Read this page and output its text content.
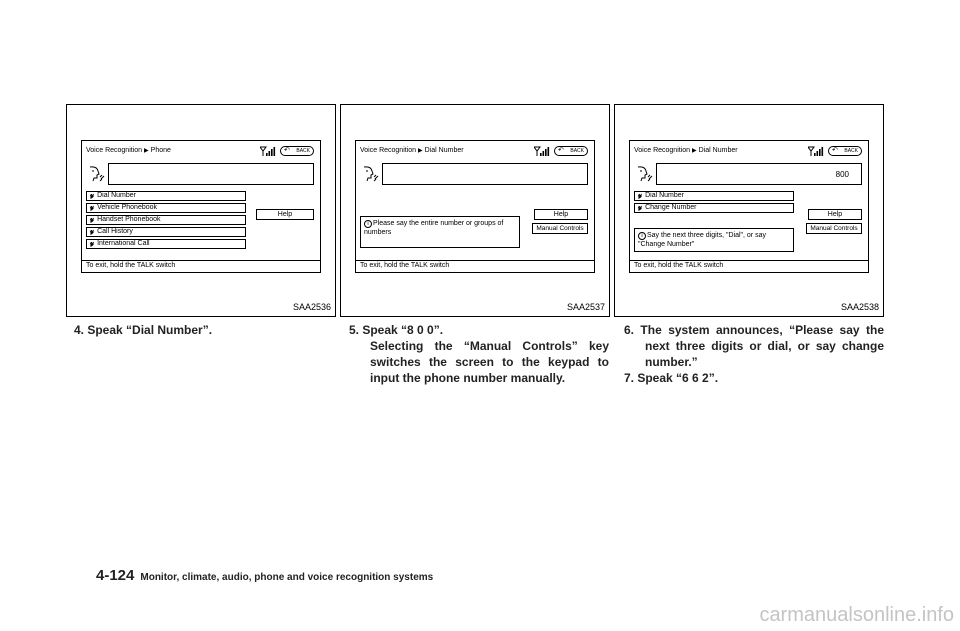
Voice Recognition ▶ Phone	↶ BACK
𝓎 Dial Number
𝓎 Vehicle Phonebook
𝓎 Handset Phonebook
𝓎 Call History
𝓎 International Call
Help
To exit, hold the TALK switch
SAA2536
Voice Recognition ▶ Dial Number	↶ BACK
i Please say the entire number or groups of numbers
Help
Manual Controls
To exit, hold the TALK switch
SAA2537
Voice Recognition ▶ Dial Number	↶ BACK
800
𝓎 Dial Number
𝓎 Change Number
i Say the next three digits, "Dial", or say "Change Number"
Help
Manual Controls
To exit, hold the TALK switch
SAA2538

4. Speak “Dial Number”.	5. Speak “8 0 0”.

Selecting the “Manual Controls” key

switches the screen to the keypad to

input the phone number manually.

6. The system announces, “Please say the

next three digits or dial, or say change

number.”

7. Speak “6 6 2”.

4-124 Monitor, climate, audio, phone and voice recognition systems
carmanualsonline.info
